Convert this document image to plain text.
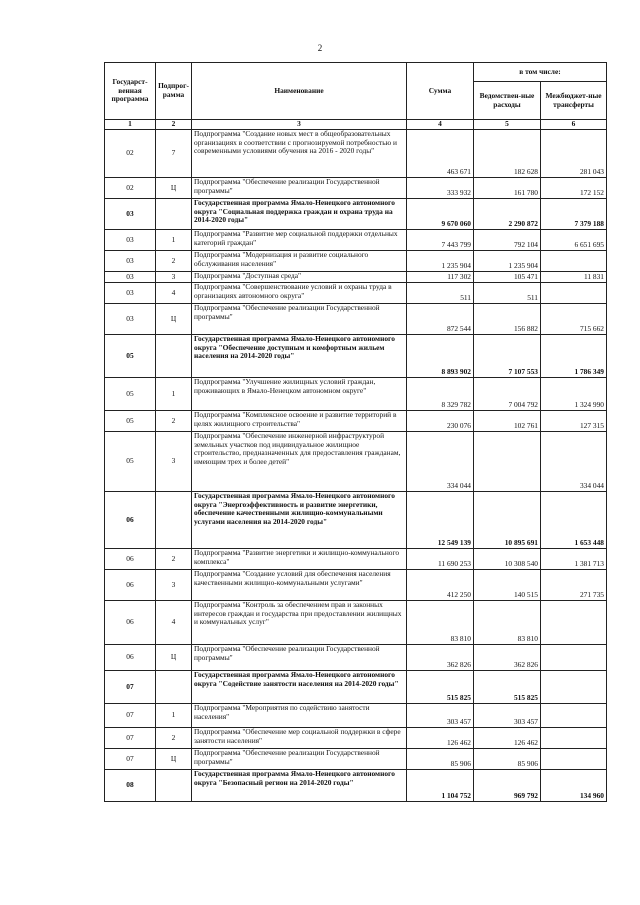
2
Государст-венная программа	Подпрог-рамма	Наименование	Сумма	в том числе:	
				Ведомствен-ные расходы	Межбюджет-ные трансферты
1	2	3	4	5	6
02	7	Подпрограмма "Создание новых мест в общеобразовательных организациях в соответствии с прогнозируемой потребностью и современными условиями обучения на 2016 - 2020 годы"	463 671	182 628	281 043
02	Ц	Подпрограмма "Обеспечение реализации Государственной программы"	333 932	161 780	172 152
03		Государственная программа Ямало-Ненецкого автономного округа "Социальная поддержка граждан и охрана труда на 2014-2020 годы"	9 670 060	2 290 872	7 379 188
03	1	Подпрограмма "Развитие мер социальной поддержки отдельных категорий граждан"	7 443 799	792 104	6 651 695
03	2	Подпрограмма "Модернизация и развитие социального обслуживания населения"	1 235 904	1 235 904	
03	3	Подпрограмма "Доступная среда"	117 302	105 471	11 831
03	4	Подпрограмма "Совершенствование условий и охраны труда в организациях автономного округа"	511	511	
03	Ц	Подпрограмма "Обеспечение реализации Государственной программы"	872 544	156 882	715 662
05		Государственная программа Ямало-Ненецкого автономного округа "Обеспечение доступным и комфортным жильем населения на 2014-2020 годы"	8 893 902	7 107 553	1 786 349
05	1	Подпрограмма "Улучшение жилищных условий граждан, проживающих в Ямало-Ненецком автономном округе"	8 329 782	7 004 792	1 324 990
05	2	Подпрограмма "Комплексное освоение и развитие территорий в целях жилищного строительства"	230 076	102 761	127 315
05	3	Подпрограмма "Обеспечение инженерной инфраструктурой земельных участков под индивидуальное жилищное строительство, предназначенных для предоставления гражданам, имеющим трех и более детей"	334 044		334 044
06		Государственная программа Ямало-Ненецкого автономного округа "Энергоэффективность и развитие энергетики, обеспечение качественными жилищно-коммунальными услугами населения на 2014-2020 годы"	12 549 139	10 895 691	1 653 448
06	2	Подпрограмма "Развитие энергетики и жилищно-коммунального комплекса"	11 690 253	10 308 540	1 381 713
06	3	Подпрограмма "Создание условий для обеспечения населения качественными жилищно-коммунальными услугами"	412 250	140 515	271 735
06	4	Подпрограмма "Контроль за обеспечением прав и законных интересов граждан и государства при предоставлении жилищных и коммунальных услуг"	83 810	83 810	
06	Ц	Подпрограмма "Обеспечение реализации Государственной программы"	362 826	362 826	
07		Государственная программа Ямало-Ненецкого автономного округа "Содействие занятости населения на 2014-2020 годы"	515 825	515 825	
07	1	Подпрограмма "Мероприятия по содействию занятости населения"	303 457	303 457	
07	2	Подпрограмма "Обеспечение мер социальной поддержки в сфере занятости населения"	126 462	126 462	
07	Ц	Подпрограмма "Обеспечение реализации Государственной программы"	85 906	85 906	
08		Государственная программа Ямало-Ненецкого автономного округа "Безопасный регион на 2014-2020 годы"	1 104 752	969 792	134 960
